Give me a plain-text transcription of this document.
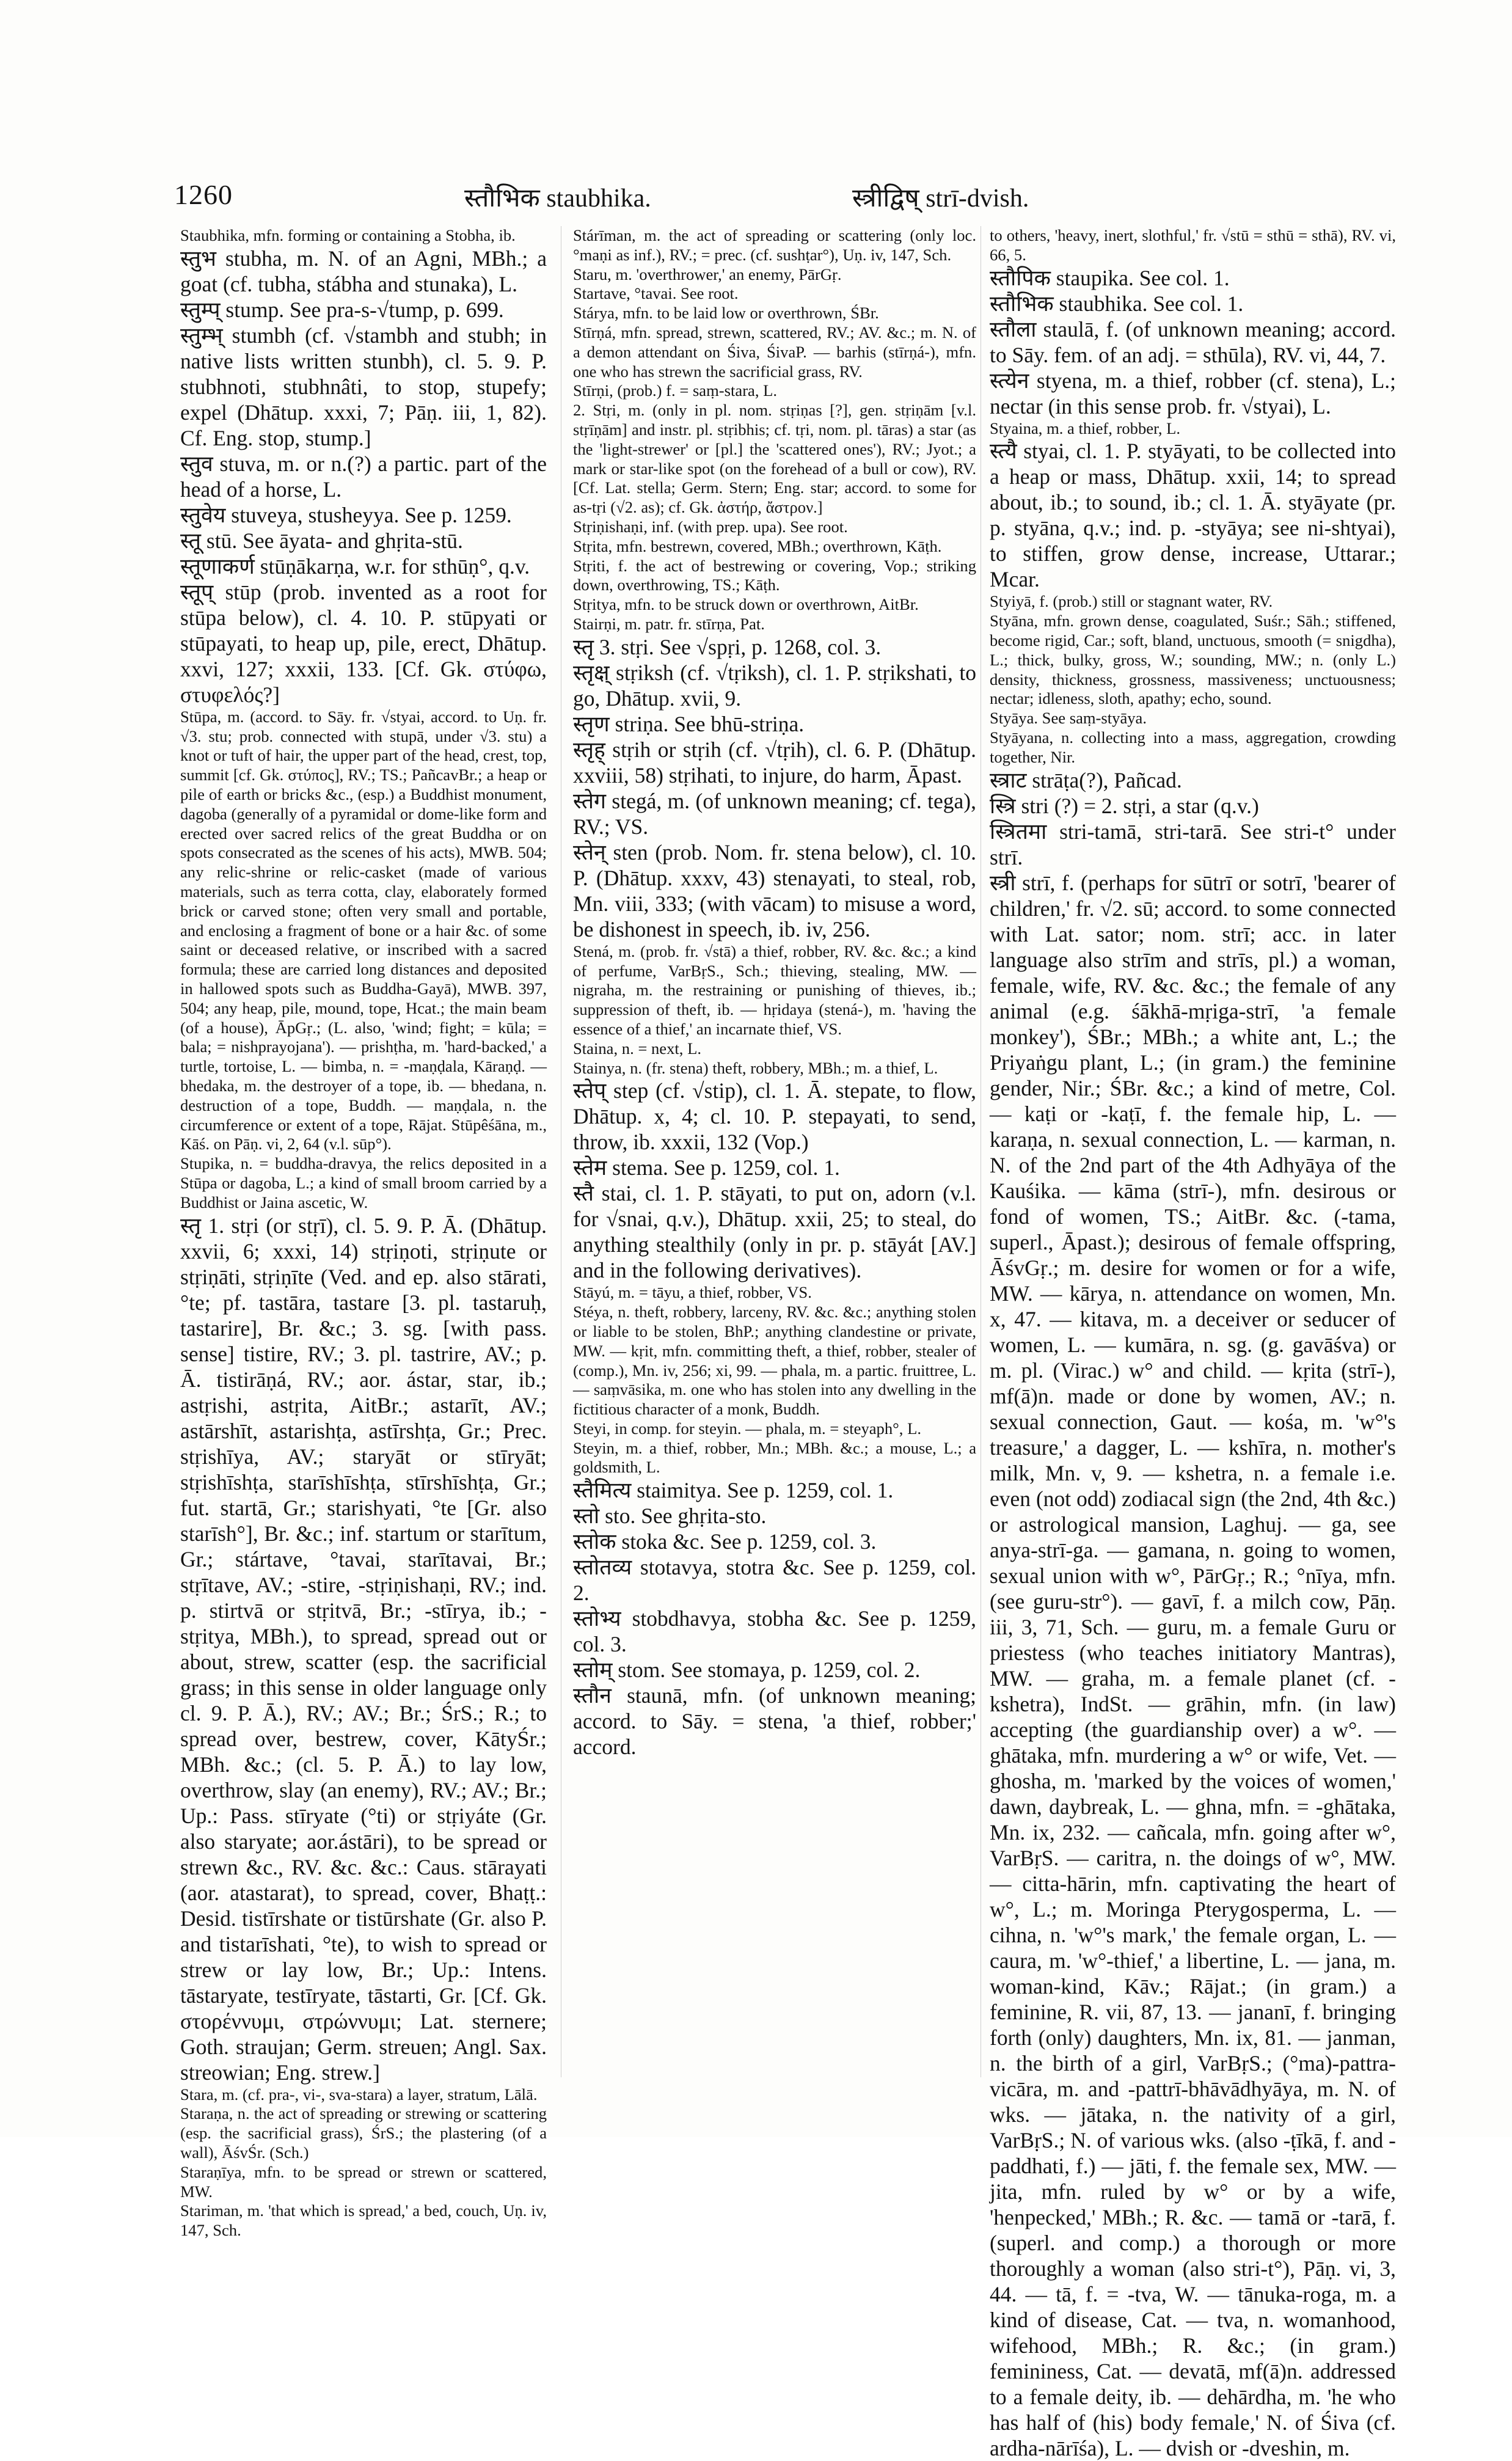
1260	स्तौभिक staubhika.	स्त्रीद्विष् strī-dvish.

Staubhika, mfn. forming or containing a Stobha, ib.

स्तुभ stubha, m. N. of an Agni, MBh.; a goat (cf. tubha, stábha and stunaka), L.

स्तुम्प् stump. See pra-s-√tump, p. 699.

स्तुम्भ् stumbh (cf. √stambh and stubh; in native lists written stunbh), cl. 5. 9. P. stubhnoti, stubhnâti, to stop, stupefy; expel (Dhātup. xxxi, 7; Pāṇ. iii, 1, 82). Cf. Eng. stop, stump.]

स्तुव stuva, m. or n.(?) a partic. part of the head of a horse, L.

स्तुवेय stuveya, stusheyya. See p. 1259.

स्तू stū. See āyata- and ghṛita-stū.

स्तूणाकर्ण stūṇākarṇa, w.r. for sthūṇ°, q.v.

स्तूप् stūp (prob. invented as a root for stūpa below), cl. 4. 10. P. stūpyati or stūpayati, to heap up, pile, erect, Dhātup. xxvi, 127; xxxii, 133. [Cf. Gk. στύφω, στυφελός?]

Stūpa, m. (accord. to Sāy. fr. √styai, accord. to Uṇ. fr. √3. stu; prob. connected with stupā, under √3. stu) a knot or tuft of hair, the upper part of the head, crest, top, summit [cf. Gk. στύπος], RV.; TS.; PañcavBr.; a heap or pile of earth or bricks &c., (esp.) a Buddhist monument, dagoba (generally of a pyramidal or dome-like form and erected over sacred relics of the great Buddha or on spots consecrated as the scenes of his acts), MWB. 504; any relic-shrine or relic-casket (made of various materials, such as terra cotta, clay, elaborately formed brick or carved stone; often very small and portable, and enclosing a fragment of bone or a hair &c. of some saint or deceased relative, or inscribed with a sacred formula; these are carried long distances and deposited in hallowed spots such as Buddha-Gayā), MWB. 397, 504; any heap, pile, mound, tope, Hcat.; the main beam (of a house), ĀpGṛ.; (L. also, 'wind; fight; = kūla; = bala; = nishprayojana'). — prishṭha, m. 'hard-backed,' a turtle, tortoise, L. — bimba, n. = -maṇḍala, Kāraṇḍ. — bhedaka, m. the destroyer of a tope, ib. — bhedana, n. destruction of a tope, Buddh. — maṇḍala, n. the circumference or extent of a tope, Rājat. Stūpêśāna, m., Kāś. on Pāṇ. vi, 2, 64 (v.l. sūp°).

Stupika, n. = buddha-dravya, the relics deposited in a Stūpa or dagoba, L.; a kind of small broom carried by a Buddhist or Jaina ascetic, W.

स्तृ 1. stṛi (or stṛī), cl. 5. 9. P. Ā. (Dhātup. xxvii, 6; xxxi, 14) stṛiṇoti, stṛiṇute or stṛiṇāti, stṛiṇīte (Ved. and ep. also stārati, °te; pf. tastāra, tastare [3. pl. tastaruḥ, tastarire], Br. &c.; 3. sg. [with pass. sense] tistire, RV.; 3. pl. tastrire, AV.; p. Ā. tistirāṇá, RV.; aor. ástar, star, ib.; astṛishi, astṛita, AitBr.; astarīt, AV.; astārshīt, astarishṭa, astīrshṭa, Gr.; Prec. stṛishīya, AV.; staryāt or stīryāt; stṛishīshṭa, starīshīshṭa, stīrshīshṭa, Gr.; fut. startā, Gr.; starishyati, °te [Gr. also starīsh°], Br. &c.; inf. startum or starītum, Gr.; stártave, °tavai, starītavai, Br.; stṛītave, AV.; -stire, -stṛiṇishaṇi, RV.; ind. p. stirtvā or stṛitvā, Br.; -stīrya, ib.; -stṛitya, MBh.), to spread, spread out or about, strew, scatter (esp. the sacrificial grass; in this sense in older language only cl. 9. P. Ā.), RV.; AV.; Br.; ŚrS.; R.; to spread over, bestrew, cover, KātyŚr.; MBh. &c.; (cl. 5. P. Ā.) to lay low, overthrow, slay (an enemy), RV.; AV.; Br.; Up.: Pass. stīryate (°ti) or stṛiyáte (Gr. also staryate; aor.ástāri), to be spread or strewn &c., RV. &c. &c.: Caus. stārayati (aor. atastarat), to spread, cover, Bhaṭṭ.: Desid. tistīrshate or tistūrshate (Gr. also P. and tistarīshati, °te), to wish to spread or strew or lay low, Br.; Up.: Intens. tāstaryate, testīryate, tāstarti, Gr. [Cf. Gk. στορέννυμι, στρώννυμι; Lat. sternere; Goth. straujan; Germ. streuen; Angl. Sax. streowian; Eng. strew.]

Stara, m. (cf. pra-, vi-, sva-stara) a layer, stratum, Lālā.

Staraṇa, n. the act of spreading or strewing or scattering (esp. the sacrificial grass), ŚrS.; the plastering (of a wall), ĀśvŚr. (Sch.)

Staraṇīya, mfn. to be spread or strewn or scattered, MW.

Stariman, m. 'that which is spread,' a bed, couch, Uṇ. iv, 147, Sch.

Stárīman, m. the act of spreading or scattering (only loc. °maṇi as inf.), RV.; = prec. (cf. sushṭar°), Uṇ. iv, 147, Sch.

Staru, m. 'overthrower,' an enemy, PārGṛ.

Startave, °tavai. See root.

Stárya, mfn. to be laid low or overthrown, ŚBr.

Stīrṇá, mfn. spread, strewn, scattered, RV.; AV. &c.; m. N. of a demon attendant on Śiva, ŚivaP. — barhis (stīrṇá-), mfn. one who has strewn the sacrificial grass, RV.

Stīrṇi, (prob.) f. = saṃ-stara, L.

2. Stṛi, m. (only in pl. nom. stṛiṇas [?], gen. stṛiṇām [v.l. stṛīṇām] and instr. pl. stṛibhis; cf. tṛi, nom. pl. tāras) a star (as the 'light-strewer' or [pl.] the 'scattered ones'), RV.; Jyot.; a mark or star-like spot (on the forehead of a bull or cow), RV. [Cf. Lat. stella; Germ. Stern; Eng. star; accord. to some for as-tṛi (√2. as); cf. Gk. ἀστήρ, ἄστρον.]

Stṛiṇishaṇi, inf. (with prep. upa). See root.

Stṛita, mfn. bestrewn, covered, MBh.; overthrown, Kāṭh.

Stṛiti, f. the act of bestrewing or covering, Vop.; striking down, overthrowing, TS.; Kāṭh.

Stṛitya, mfn. to be struck down or overthrown, AitBr.

Stairṇi, m. patr. fr. stīrṇa, Pat.

स्तृ 3. stṛi. See √spṛi, p. 1268, col. 3.

स्तृक्ष् stṛiksh (cf. √tṛiksh), cl. 1. P. stṛikshati, to go, Dhātup. xvii, 9.

स्तृण striṇa. See bhū-striṇa.

स्तृह् stṛih or stṛih (cf. √tṛih), cl. 6. P. (Dhātup. xxviii, 58) stṛihati, to injure, do harm, Āpast.

स्तेग stegá, m. (of unknown meaning; cf. tega), RV.; VS.

स्तेन् sten (prob. Nom. fr. stena below), cl. 10. P. (Dhātup. xxxv, 43) stenayati, to steal, rob, Mn. viii, 333; (with vācam) to misuse a word, be dishonest in speech, ib. iv, 256.

Stená, m. (prob. fr. √stā) a thief, robber, RV. &c. &c.; a kind of perfume, VarBṛS., Sch.; thieving, stealing, MW. — nigraha, m. the restraining or punishing of thieves, ib.; suppression of theft, ib. — hṛidaya (stená-), m. 'having the essence of a thief,' an incarnate thief, VS.

Staina, n. = next, L.

Stainya, n. (fr. stena) theft, robbery, MBh.; m. a thief, L.

स्तेप् step (cf. √stip), cl. 1. Ā. stepate, to flow, Dhātup. x, 4; cl. 10. P. stepayati, to send, throw, ib. xxxii, 132 (Vop.)

स्तेम stema. See p. 1259, col. 1.

स्तै stai, cl. 1. P. stāyati, to put on, adorn (v.l. for √snai, q.v.), Dhātup. xxii, 25; to steal, do anything stealthily (only in pr. p. stāyát [AV.] and in the following derivatives).

Stāyú, m. = tāyu, a thief, robber, VS.

Stéya, n. theft, robbery, larceny, RV. &c. &c.; anything stolen or liable to be stolen, BhP.; anything clandestine or private, MW. — kṛit, mfn. committing theft, a thief, robber, stealer of (comp.), Mn. iv, 256; xi, 99. — phala, m. a partic. fruittree, L. — saṃvāsika, m. one who has stolen into any dwelling in the fictitious character of a monk, Buddh.

Steyi, in comp. for steyin. — phala, m. = steyaph°, L.

Steyin, m. a thief, robber, Mn.; MBh. &c.; a mouse, L.; a goldsmith, L.

स्तैमित्य staimitya. See p. 1259, col. 1.

स्तो sto. See ghṛita-sto.

स्तोक stoka &c. See p. 1259, col. 3.

स्तोतव्य stotavya, stotra &c. See p. 1259, col. 2.

स्तोभ्य stobdhavya, stobha &c. See p. 1259, col. 3.

स्तोम् stom. See stomaya, p. 1259, col. 2.

स्तौन staunā, mfn. (of unknown meaning; accord. to Sāy. = stena, 'a thief, robber;' accord.

to others, 'heavy, inert, slothful,' fr. √stū = sthū = sthā), RV. vi, 66, 5.

स्तौपिक staupika. See col. 1.

स्तौभिक staubhika. See col. 1.

स्तौला staulā, f. (of unknown meaning; accord. to Sāy. fem. of an adj. = sthūla), RV. vi, 44, 7.

स्त्येन styena, m. a thief, robber (cf. stena), L.; nectar (in this sense prob. fr. √styai), L.

Styaina, m. a thief, robber, L.

स्त्यै styai, cl. 1. P. styāyati, to be collected into a heap or mass, Dhātup. xxii, 14; to spread about, ib.; to sound, ib.; cl. 1. Ā. styāyate (pr. p. styāna, q.v.; ind. p. -styāya; see ni-shtyai), to stiffen, grow dense, increase, Uttarar.; Mcar.

Styiyā, f. (prob.) still or stagnant water, RV.

Styāna, mfn. grown dense, coagulated, Suśr.; Sāh.; stiffened, become rigid, Car.; soft, bland, unctuous, smooth (= snigdha), L.; thick, bulky, gross, W.; sounding, MW.; n. (only L.) density, thickness, grossness, massiveness; unctuousness; nectar; idleness, sloth, apathy; echo, sound.

Styāya. See saṃ-styāya.

Styāyana, n. collecting into a mass, aggregation, crowding together, Nir.

स्त्राट strāṭa(?), Pañcad.

स्त्रि stri (?) = 2. stṛi, a star (q.v.)

स्त्रितमा stri-tamā, stri-tarā. See stri-t° under strī.

स्त्री strī, f. (perhaps for sūtrī or sotrī, 'bearer of children,' fr. √2. sū; accord. to some connected with Lat. sator; nom. strī; acc. in later language also strīm and strīs, pl.) a woman, female, wife, RV. &c. &c.; the female of any animal (e.g. śākhā-mṛiga-strī, 'a female monkey'), ŚBr.; MBh.; a white ant, L.; the Priyaṅgu plant, L.; (in gram.) the feminine gender, Nir.; ŚBr. &c.; a kind of metre, Col. — kaṭi or -kaṭī, f. the female hip, L. — karaṇa, n. sexual connection, L. — karman, n. N. of the 2nd part of the 4th Adhyāya of the Kauśika. — kāma (strī-), mfn. desirous or fond of women, TS.; AitBr. &c. (-tama, superl., Āpast.); desirous of female offspring, ĀśvGṛ.; m. desire for women or for a wife, MW. — kārya, n. attendance on women, Mn. x, 47. — kitava, m. a deceiver or seducer of women, L. — kumāra, n. sg. (g. gavāśva) or m. pl. (Virac.) w° and child. — kṛita (strī-), mf(ā)n. made or done by women, AV.; n. sexual connection, Gaut. — kośa, m. 'w°'s treasure,' a dagger, L. — kshīra, n. mother's milk, Mn. v, 9. — kshetra, n. a female i.e. even (not odd) zodiacal sign (the 2nd, 4th &c.) or astrological mansion, Laghuj. — ga, see anya-strī-ga. — gamana, n. going to women, sexual union with w°, PārGṛ.; R.; °nīya, mfn. (see guru-str°). — gavī, f. a milch cow, Pāṇ. iii, 3, 71, Sch. — guru, m. a female Guru or priestess (who teaches initiatory Mantras), MW. — graha, m. a female planet (cf. -kshetra), IndSt. — grāhin, mfn. (in law) accepting (the guardianship over) a w°. — ghātaka, mfn. murdering a w° or wife, Vet. — ghosha, m. 'marked by the voices of women,' dawn, daybreak, L. — ghna, mfn. = -ghātaka, Mn. ix, 232. — cañcala, mfn. going after w°, VarBṛS. — caritra, n. the doings of w°, MW. — citta-hārin, mfn. captivating the heart of w°, L.; m. Moringa Pterygosperma, L. — cihna, n. 'w°'s mark,' the female organ, L. — caura, m. 'w°-thief,' a libertine, L. — jana, m. woman-kind, Kāv.; Rājat.; (in gram.) a feminine, R. vii, 87, 13. — jananī, f. bringing forth (only) daughters, Mn. ix, 81. — janman, n. the birth of a girl, VarBṛS.; (°ma)-pattra-vicāra, m. and -pattrī-bhāvādhyāya, m. N. of wks. — jātaka, n. the nativity of a girl, VarBṛS.; N. of various wks. (also -ṭīkā, f. and -paddhati, f.) — jāti, f. the female sex, MW. — jita, mfn. ruled by w° or by a wife, 'henpecked,' MBh.; R. &c. — tamā or -tarā, f. (superl. and comp.) a thorough or more thoroughly a woman (also stri-t°), Pāṇ. vi, 3, 44. — tā, f. = -tva, W. — tānuka-roga, m. a kind of disease, Cat. — tva, n. womanhood, wifehood, MBh.; R. &c.; (in gram.) femininess, Cat. — devatā, mf(ā)n. addressed to a female deity, ib. — dehārdha, m. 'he who has half of (his) body female,' N. of Śiva (cf. ardha-nārīśa), L. — dvish or -dveshin, m.
